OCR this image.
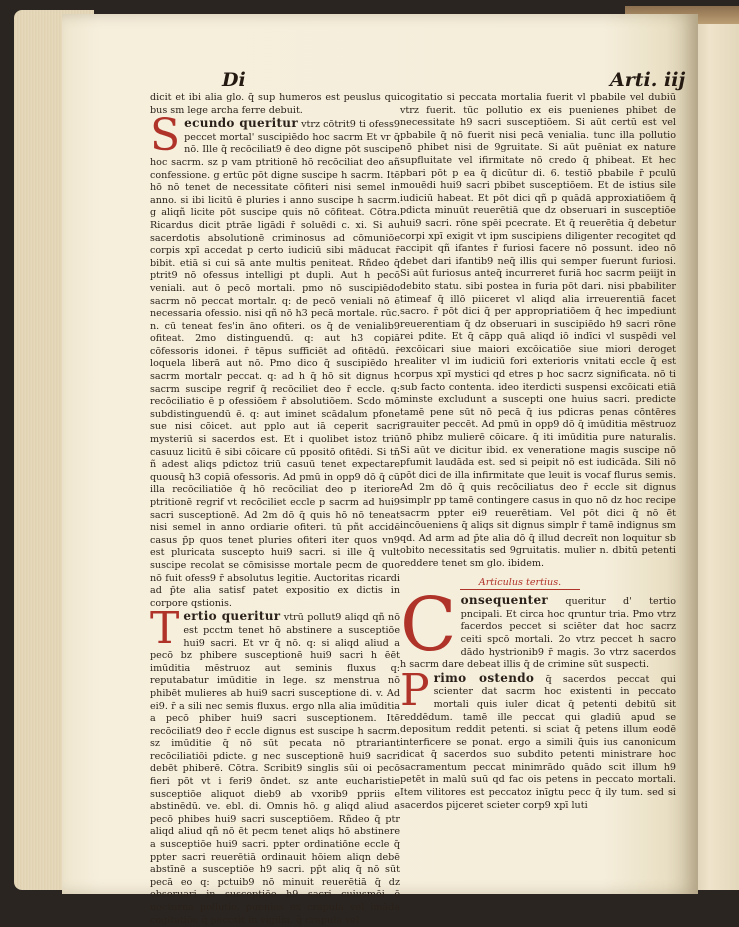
Di	Arti. iij

dicit et ibi alia glo. q̄ sup humeros est peuslus qui bus sm lege archa ferre debuit.

S ecundo queritur vtrz cōtrit9 ti ofess9 peccet mortal' suscipiēdo hoc sacrm Et vr q̄ nō. Ille q̄ recōciliat9 ē deo digne pōt suscipe hoc sacrm. sz p vam ptritionē hō recōciliat deo añ confessione. g ertūc pōt digne suscipe h sacrm. Itē hō nō tenet de necessitate cōfiteri nisi semel in anno. si ibi licitū ē pluries i anno suscipe h sacrm. g aliqñ licite pōt suscipe quis nō cōfiteat. Cōtra. Ricardus dicit ptrāe ligādi r̄ soluēdi c. xi. Si au sacerdotis absolutionē criminosus ad cōmuniōe corpis xpī accedat p certo iudiciū sibi māducat r̄ bibit. etiā si cui sā ante multis peniteat. Rñdeo q̄ ptrit9 nō ofessus intelligi pt dupli. Aut h pecō veniali. aut ō pecō mortali. pmo nō suscipiēdo sacrm nō peccat mortalr. q: de pecō veniali nō ē necessaria ofessio. nisi qñ nō h3 pecā mortale. rūc. n. cū teneat fes'in āno ofiteri. os q̄ de venialib9 ofiteat. 2mo distinguendū. q: aut h3 copiā cōfessoris idonei. r̄ tēpus sufficiēt ad ofitēdū. r̄ loquela liberā aut nō. Pmo dico q̄ suscipiēdo h sacrm mortalr peccat. q: ad h q̄ hō sit dignus h sacrm suscipe regrif q̄ recōciliet deo r̄ eccle. q: recōciliatio ē p ofessiōem r̄ absolutiōem. Scdo mō subdistinguendū ē. q: aut iminet scādalum pfone sue nisi cōicet. aut pplo aut iā ceperit sacri mysteriū si sacerdos est. Et i quolibet istoz triū casuuz licitū ē sibi cōicare cū ppositō ofitēdi. Si tn̄ ñ adest aliqs pdictoz triū casuū tenet expectare quousq̄ h3 copiā ofessoris. Ad pmū in opp9 dō q̄ cū illa recōciliatiōe q̄ hō recōciliat deo p iteriore ptritionē regrif vt recōciliet eccle p sacrm ad hui9 sacri susceptionē. Ad 2m dō q̄ quis hō nō teneat nisi semel in anno ordiarie ofiteri. tū pñt accidē casus p̄p quos tenet pluries ofiteri iter quos vn9 est pluricata suscepto hui9 sacri. si ille q̄ vult suscipe recolat se cōmisisse mortale pecm de quo nō fuit ofess9 r̄ absolutus legitie. Auctoritas ricardi ad p̄te alia satisf patet expositio ex dictis in corpore qstionis.

T ertio queritur vtrū pollut9 aliqd qñ nō est pcctm tenet hō abstinere a susceptiōe hui9 sacri. Et vr q̄ nō. q: si aliqd aliud a pecō bz phibere susceptionē hui9 sacri h ēēt imūditia mēstruoz aut seminis fluxus q: reputabatur imūditie in lege. sz menstrua nō phibēt mulieres ab hui9 sacri susceptione di. v. Ad ei9. r̄ a sili nec semis fluxus. ergo nlla alia imūditia a pecō phiber hui9 sacri susceptionem. Itē recōciliat9 deo r̄ eccle dignus est suscipe h sacrm. sz imūditie q̄ nō sūt pecata nō ptrariant recōciliatiōi pdicte. g nec susceptionē hui9 sacri debēt phiberē. Cōtra. Scribit9 singlis sūi oi pecō fieri pōt vt i feri9 ōndet. sz ante eucharistie susceptiōe aliquot dieb9 ab vxorib9 ppriis e abstinēdū. ve. ebl. di. Omnis hō. g aliqd aliud a pecō phibes hui9 sacri susceptiōem. Rñdeo q̄ ptr aliqd aliud qñ nō ēt pecm tenet aliqs hō abstinere a susceptiōe hui9 sacri. ppter ordinatiōne eccle q̄ ppter sacri reuerētiā ordinauit hōiem aliqn debē abstīnē a susceptiōe h9 sacri. pp̄t aliq q̄ nō sūt pecā eo q: pctuib9 nō minuit reuerētiā q̄ dz obseruari in susceptiōe h9 sacri cuiusmōi ē nocturna pollutio. puenies ex crapula vel imāda cogitatiōe q̄ peccsit in vigilia. q̄ crapula vel

cogitatio si peccata mortalia fuerit vl pbabile vel dubiū vtrz fuerit. tūc pollutio ex eis puenienes phibet de necessitate h9 sacri susceptiōem. Si aūt certū est vel pbabile q̄ nō fuerit nisi pecā venialia. tunc illa pollutio nō phibet nisi de 9gruitate. Si aūt puēniat ex nature supfluitate vel ifirmitate nō credo q̄ phibeat. Et hec pbari pōt p ea q̄ dicūtur di. 6. testiō pbabile r̄ pculū mouēdi hui9 sacri pbibet susceptiōem. Et de istius sile iudiciū habeat. Et pōt dici qñ p quādā approxiatiōem q̄ pdicta minuūt reuerētiā que dz obseruari in susceptiōe hui9 sacri. rōne spēi pcecrate. Et q̄ reuerētia q̄ debetur corpi xpī exigit vt ipm suscipiens diligenter recogitet qd accipit qñ ifantes r̄ furiosi facere nō possunt. ideo nō debet dari ifantib9 neq̄ illis qui semper fuerunt furiosi. Si aūt furiosus anteq̄ incurreret furiā hoc sacrm peiijt in debito statu. sibi postea in furia pōt dari. nisi pbabiliter timeaf q̄ illō piiceret vl aliqd alia irreuerentiā facet sacro. r̄ pōt dici q̄ per appropriatiōem q̄ hec impediunt reuerentiam q̄ dz obseruari in suscipiēdo h9 sacri rōne rei pdite. Et q̄ cāpp quā aliqd iō indīci vl suspēdi vel excōicari siue maiori excōicatiōe siue miori deroget realiter vl im iudiciū fori exterioris vnitati eccle q̄ est corpus xpī mystici qd etres p hoc sacrz significata. nō ti sub facto contenta. ideo iterdicti suspensi excōicati etiā minste excludunt a suscepti one huius sacri. predicte tamē pene sūt nō pecā q̄ ius pdicras penas cōntēres grauiter peccēt. Ad pmū in opp9 dō q̄ imūditia mēstruoz nō phibz mulierē cōicare. q̄ iti imūditia pure naturalis. Si aūt ve dicitur ibid. ex veneratione magis suscipe nō pfumit laudāda est. sed si peipit nō est iudicāda. Sili nō pōt dici de illa infirmitate que leuit is vocaf flurus semis. Ad 2m dō q̄ quis recōciliatus deo r̄ eccle sit dignus simplr pp tamē contingere casus in quo nō dz hoc recipe sacrm ppter ei9 reuerētiam. Vel pōt dici q̄ nō ēt incōueniens q̄ aliqs sit dignus simplr r̄ tamē indignus sm qd. Ad arm ad p̄te alia dō q̄ illud decreīt non loquitur sb obito necessitatis sed 9gruitatis. mulier n. dbitū petenti reddere tenet sm glo. ibidem.

Articulus tertius.

C onsequenter queritur d' tertio pncipali. Et circa hoc qruntur tria. Pmo vtrz facerdos peccet si sciēter dat hoc sacrz ceiti spcō mortali. 2o vtrz peccet h sacro dādo hystrionib9 r̄ magis. 3o vtrz sacerdos h sacrm dare debeat illis q̄ de crimine sūt suspecti.

P rimo ostendo q̄ sacerdos peccat qui scienter dat sacrm hoc existenti in peccato mortali quis iuler dicat q̄ petenti debitū sit reddēdum. tamē ille peccat qui gladiū apud se depositum reddit petenti. si sciat q̄ petens illum eodē interficere se ponat. ergo a simili q̄uis ius canonicum dicat q̄ sacerdos suo subdito petenti ministrare hoc sacramentum peccat minimrādo quādo scit illum h9 petēt in malū suū qd fac ois petens in peccato mortali. Item vilitores est peccatoz inīgtu pecc q̄ ily tum. sed si sacerdos pijceret scieter corp9 xpī luti
